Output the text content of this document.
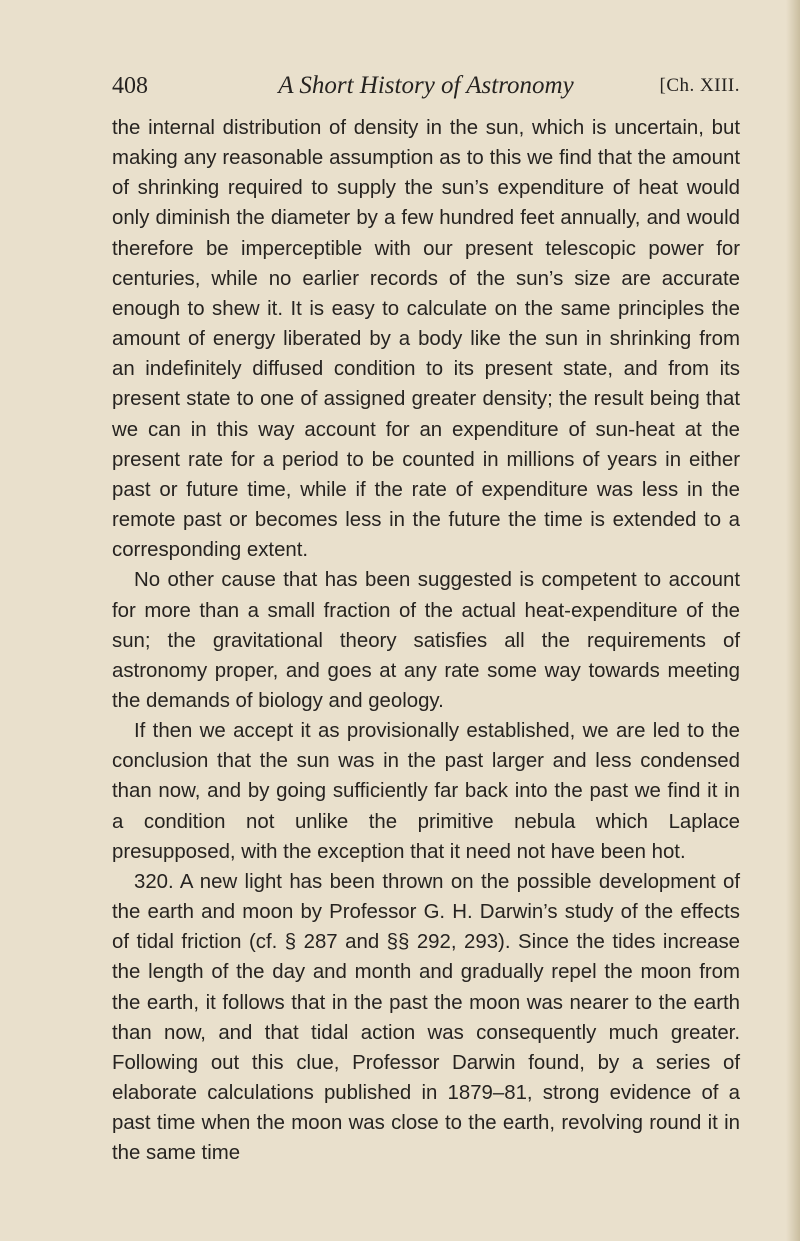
408	A Short History of Astronomy	[Ch. XIII.

the internal distribution of density in the sun, which is uncertain, but making any reasonable assumption as to this we find that the amount of shrinking required to supply the sun’s expenditure of heat would only diminish the diameter by a few hundred feet annually, and would therefore be imperceptible with our present telescopic power for centuries, while no earlier records of the sun’s size are accurate enough to shew it. It is easy to calculate on the same principles the amount of energy liberated by a body like the sun in shrinking from an indefinitely diffused condition to its present state, and from its present state to one of assigned greater density; the result being that we can in this way account for an expenditure of sun-heat at the present rate for a period to be counted in millions of years in either past or future time, while if the rate of expenditure was less in the remote past or becomes less in the future the time is extended to a corresponding extent.

No other cause that has been suggested is competent to account for more than a small fraction of the actual heat-expenditure of the sun; the gravitational theory satisfies all the requirements of astronomy proper, and goes at any rate some way towards meeting the demands of biology and geology.

If then we accept it as provisionally established, we are led to the conclusion that the sun was in the past larger and less condensed than now, and by going sufficiently far back into the past we find it in a condition not unlike the primitive nebula which Laplace presupposed, with the exception that it need not have been hot.

320. A new light has been thrown on the possible development of the earth and moon by Professor G. H. Darwin’s study of the effects of tidal friction (cf. § 287 and §§ 292, 293). Since the tides increase the length of the day and month and gradually repel the moon from the earth, it follows that in the past the moon was nearer to the earth than now, and that tidal action was consequently much greater. Following out this clue, Professor Darwin found, by a series of elaborate calculations published in 1879–81, strong evidence of a past time when the moon was close to the earth, revolving round it in the same time
